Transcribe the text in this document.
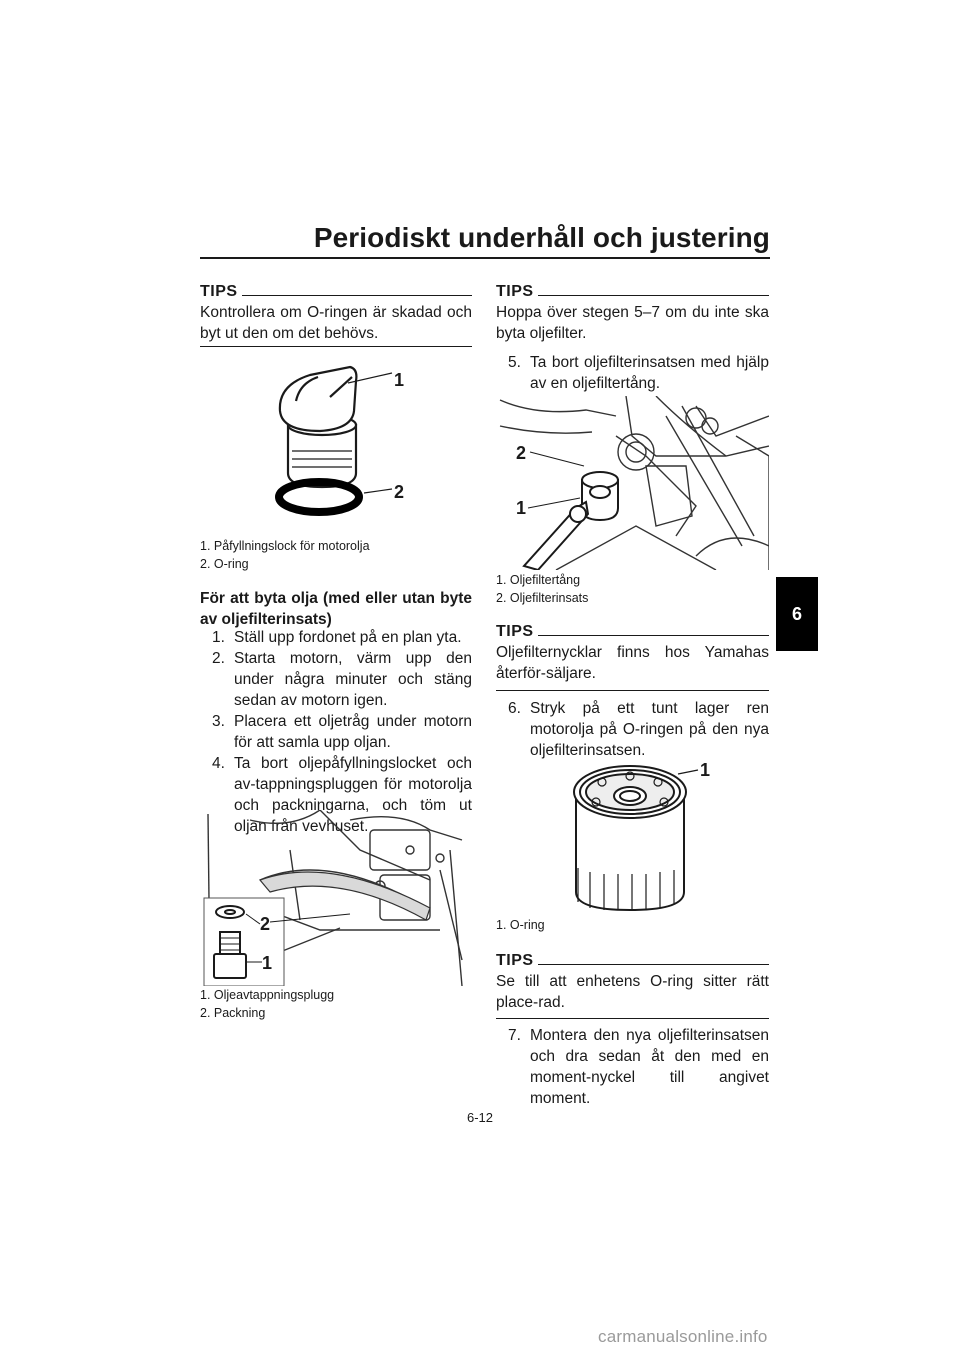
Periodiskt underhåll och justering
6
TIPS
Kontrollera om O-ringen är skadad och byt ut den om det behövs.
1
2
1. Påfyllningslock för motorolja
2. O-ring
För att byta olja (med eller utan byte av oljefilterinsats)
1. Ställ upp fordonet på en plan yta.
2. Starta motorn, värm upp den under några minuter och stäng sedan av motorn igen.
3. Placera ett oljetråg under motorn för att samla upp oljan.
4. Ta bort oljepåfyllningslocket och av-tappningspluggen för motorolja och packningarna, och töm ut oljan från vevhuset.
2
1
1. Oljeavtappningsplugg
2. Packning
TIPS
Hoppa över stegen 5–7 om du inte ska byta oljefilter.
5. Ta bort oljefilterinsatsen med hjälp av en oljefiltertång.
2
1
1. Oljefiltertång
2. Oljefilterinsats
TIPS
Oljefilternycklar finns hos Yamahas återför-säljare.
6. Stryk på ett tunt lager ren motorolja på O-ringen på den nya oljefilterinsatsen.
1
1. O-ring
TIPS
Se till att enhetens O-ring sitter rätt place-rad.
7. Montera den nya oljefilterinsatsen och dra sedan åt den med en moment-nyckel till angivet moment.
6-12
carmanualsonline.info
